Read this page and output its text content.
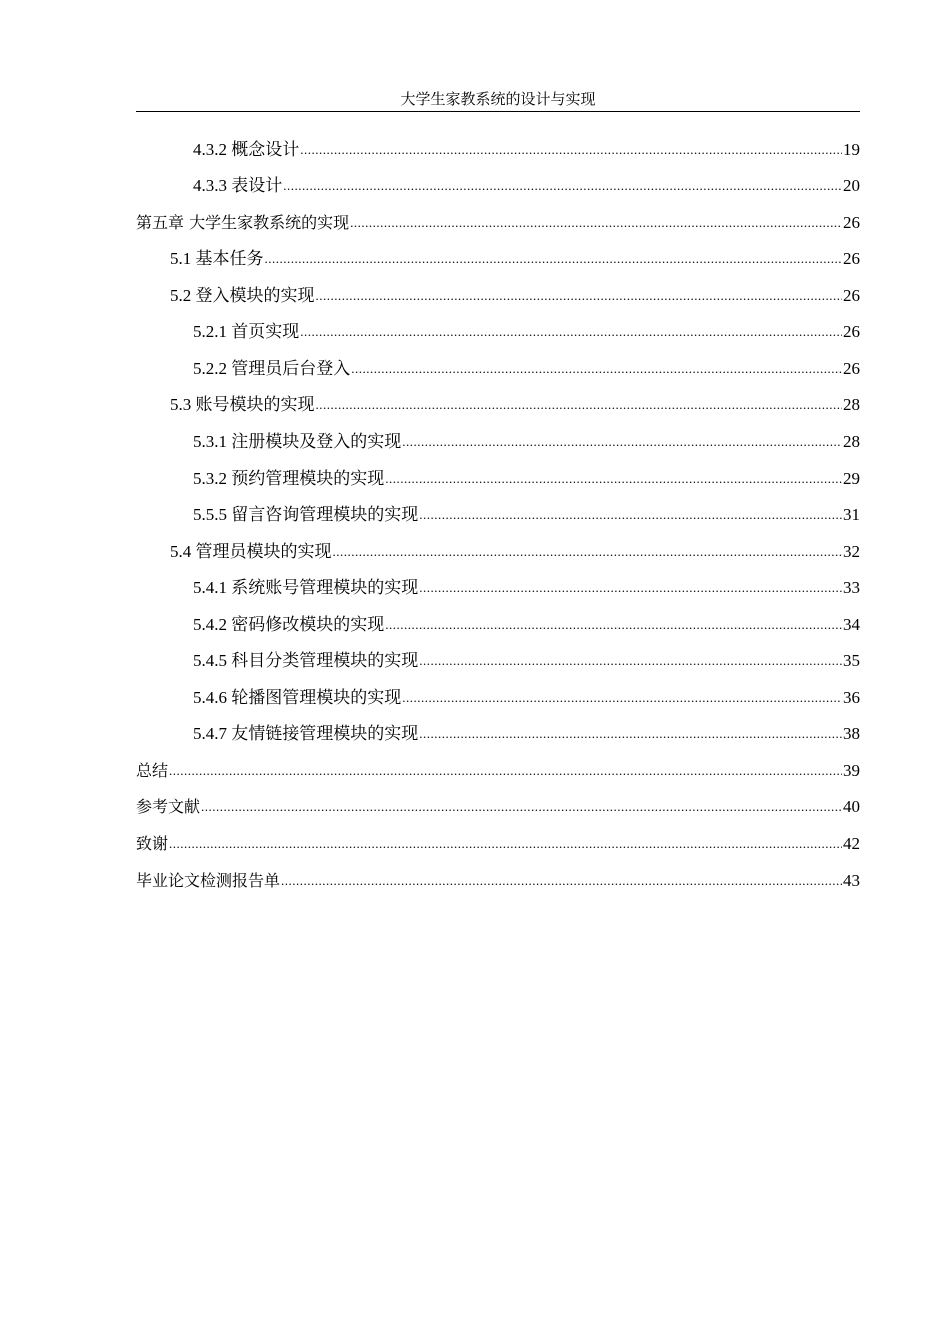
大学生家教系统的设计与实现
4.3.2 概念设计 .....	19
4.3.3 表设计 .....	20
第五章 大学生家教系统的实现 .....	26
5.1 基本任务 .....	26
5.2 登入模块的实现 .....	26
5.2.1 首页实现 .....	26
5.2.2 管理员后台登入 .....	26
5.3 账号模块的实现 .....	28
5.3.1 注册模块及登入的实现 .....	28
5.3.2 预约管理模块的实现 .....	29
5.5.5 留言咨询管理模块的实现 .....	31
5.4 管理员模块的实现 .....	32
5.4.1 系统账号管理模块的实现 .....	33
5.4.2 密码修改模块的实现 .....	34
5.4.5 科目分类管理模块的实现 .....	35
5.4.6 轮播图管理模块的实现 .....	36
5.4.7 友情链接管理模块的实现 .....	38
总结 .....	39
参考文献 .....	40
致谢 .....	42
毕业论文检测报告单 .....	43
